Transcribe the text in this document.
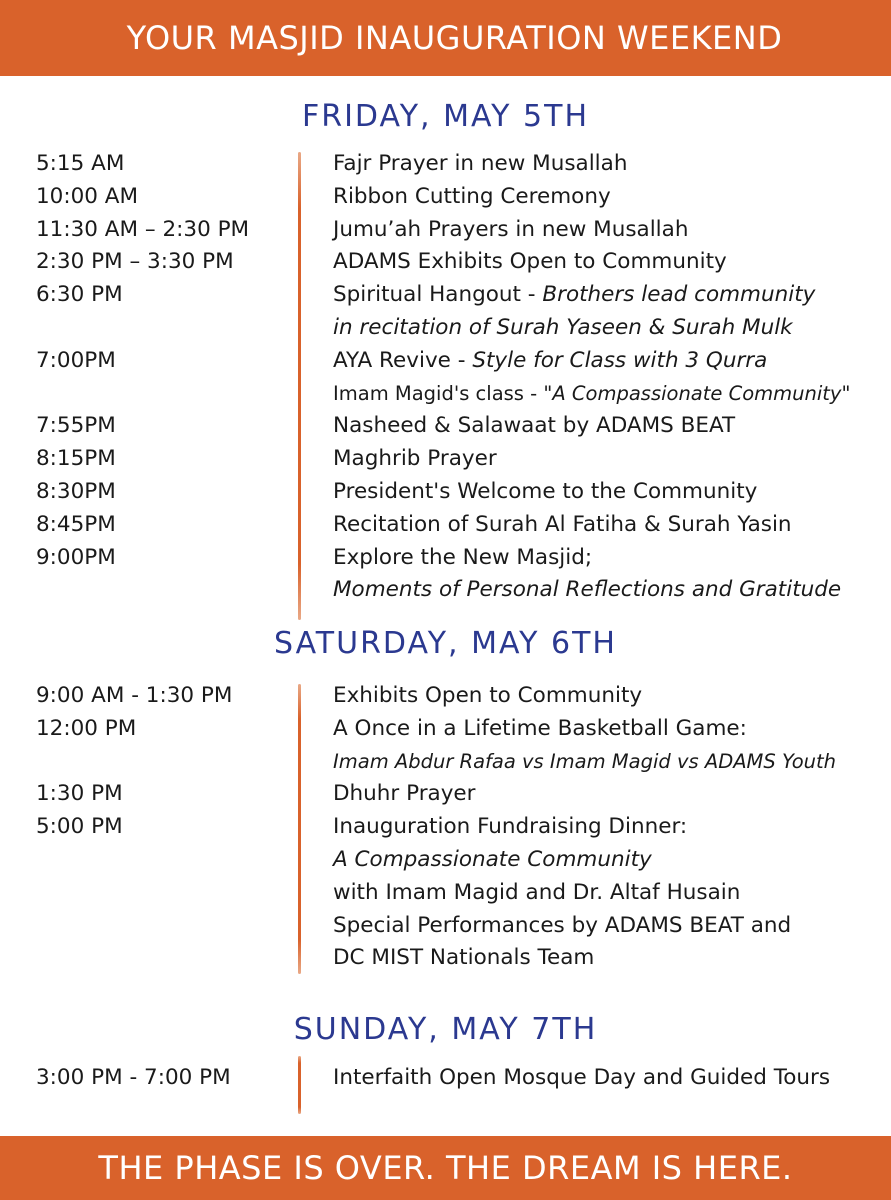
YOUR MASJID INAUGURATION WEEKEND
FRIDAY, MAY 5TH
5:15 AM	Fajr Prayer in new Musallah
10:00 AM	Ribbon Cutting Ceremony
11:30 AM – 2:30 PM	Jumu’ah Prayers in new Musallah
2:30 PM – 3:30 PM	ADAMS Exhibits Open to Community
6:30 PM	Spiritual Hangout - Brothers lead community
in recitation of Surah Yaseen & Surah Mulk
7:00PM	AYA Revive - Style for Class with 3 Qurra
Imam Magid's class - "A Compassionate Community"
7:55PM	Nasheed & Salawaat by ADAMS BEAT
8:15PM	Maghrib Prayer
8:30PM	President's Welcome to the Community
8:45PM	Recitation of Surah Al Fatiha & Surah Yasin
9:00PM	Explore the New Masjid;
Moments of Personal Reflections and Gratitude
SATURDAY, MAY 6TH
9:00 AM - 1:30 PM	Exhibits Open to Community
12:00 PM	A Once in a Lifetime Basketball Game:
Imam Abdur Rafaa vs Imam Magid vs ADAMS Youth
1:30 PM	Dhuhr Prayer
5:00 PM	Inauguration Fundraising Dinner:
A Compassionate Community
with Imam Magid and Dr. Altaf Husain
Special Performances by ADAMS BEAT and
DC MIST Nationals Team
SUNDAY, MAY 7TH
3:00 PM - 7:00 PM	Interfaith Open Mosque Day and Guided Tours
THE PHASE IS OVER. THE DREAM IS HERE.
